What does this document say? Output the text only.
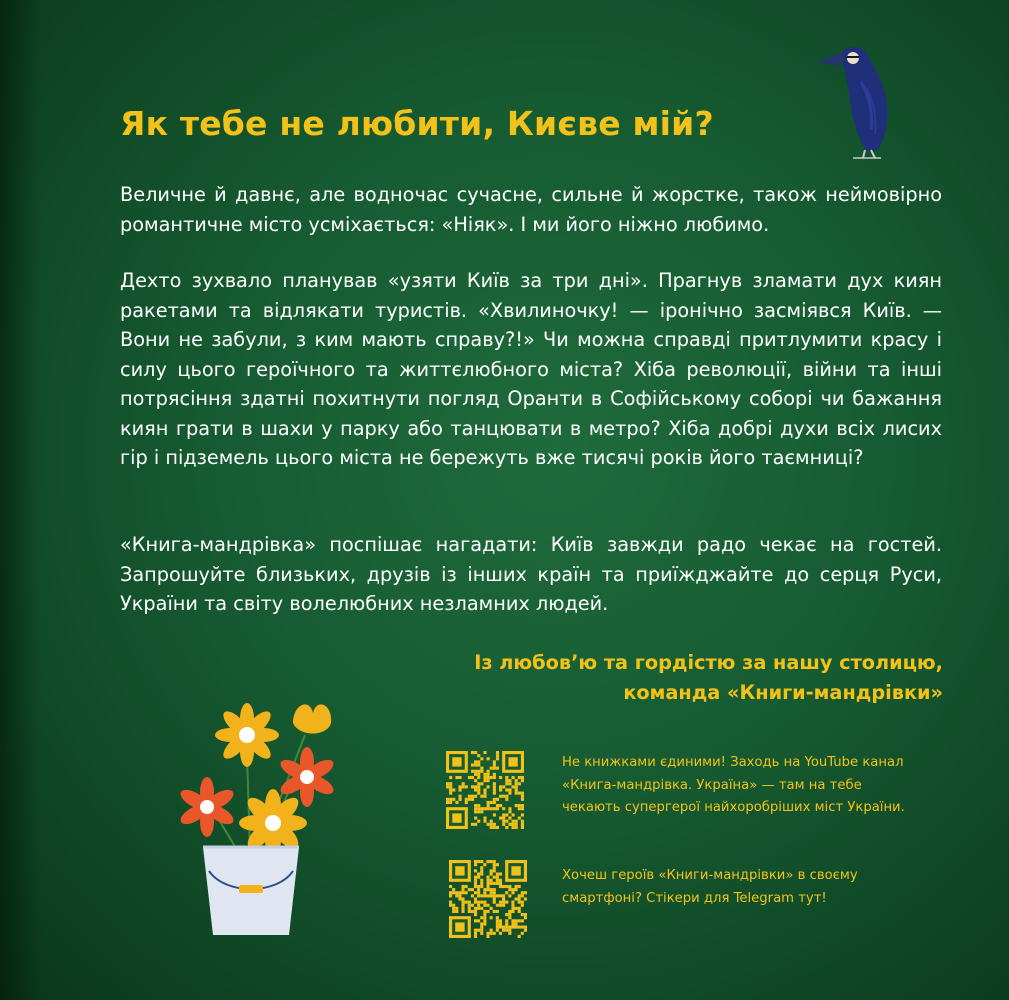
Як тебе не любити, Києве мій?

Величне й давнє, але водночас сучасне, сильне й жорстке, також неймовірно романтичне місто усміхається: «Ніяк». І ми його ніжно любимо.

Дехто зухвало планував «узяти Київ за три дні». Прагнув зламати дух киян ракетами та відлякати туристів. «Хвилиночку! — іронічно засміявся Київ. — Вони не забули, з ким мають справу?!» Чи можна справді притлумити красу і силу цього героїчного та життєлюбного міста? Хіба революції, війни та інші потрясіння здатні похитнути погляд Оранти в Софійському соборі чи бажання киян грати в шахи у парку або танцювати в метро? Хіба добрі духи всіх лисих гір і підземель цього міста не бережуть вже тисячі років його таємниці?

«Книга-мандрівка» поспішає нагадати: Київ завжди радо чекає на гостей. Запрошуйте близьких, друзів із інших країн та приїжджайте до серця Руси, України та світу волелюбних незламних людей.

Із любов’ю та гордістю за нашу столицю,
команда «Книги-мандрівки»
Не книжками єдиними! Заходь на YouTube канал
«Книга-мандрівка. Україна» — там на тебе
чекають супергерої найхоробріших міст України.
Хочеш героїв «Книги-мандрівки» в своєму
смартфоні? Стікери для Telegram тут!
